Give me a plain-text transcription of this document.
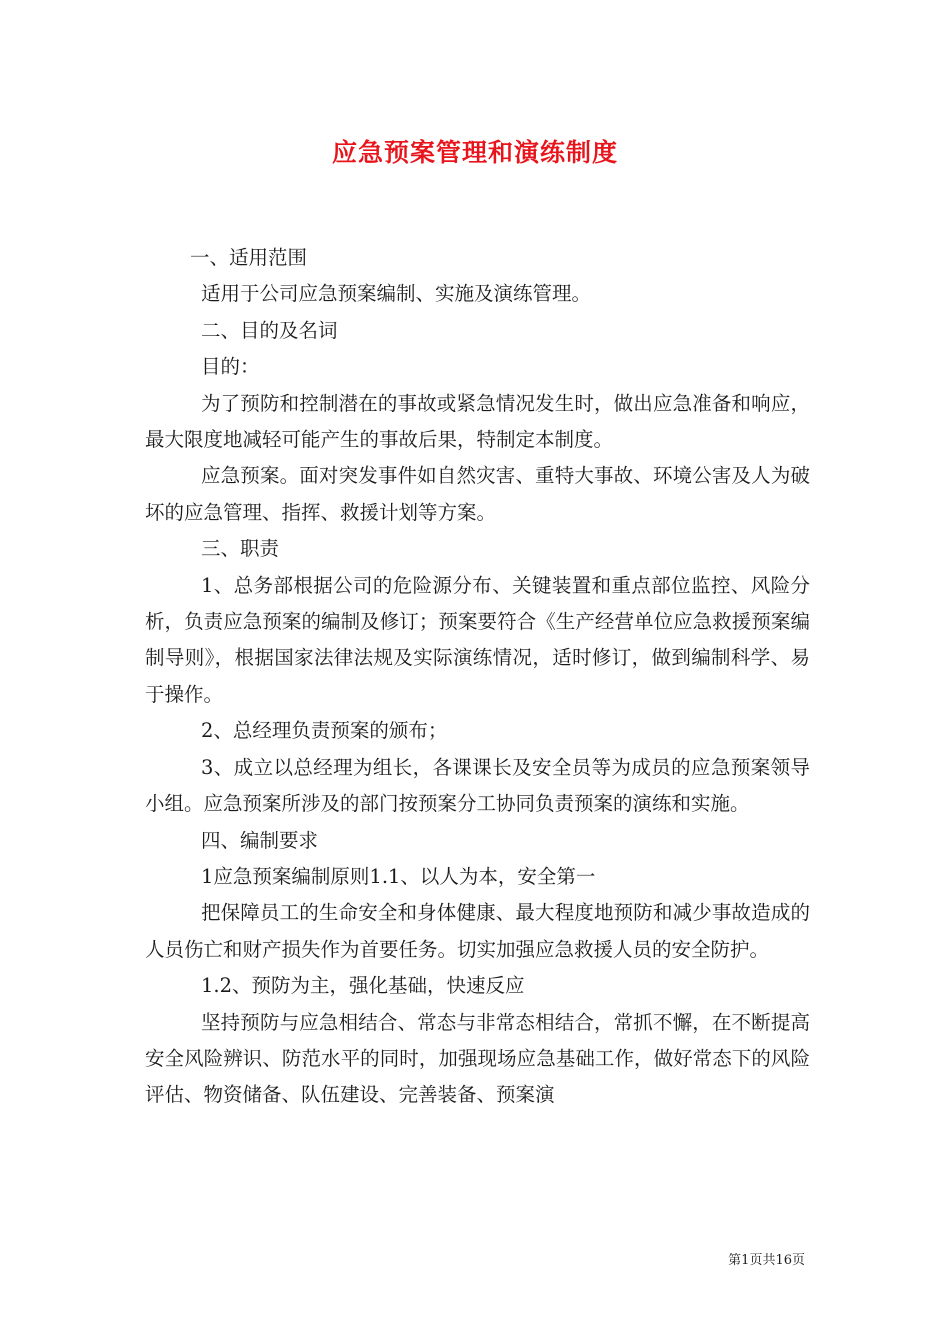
应急预案管理和演练制度

一、适用范围

适用于公司应急预案编制、实施及演练管理。

二、目的及名词

目的：

为了预防和控制潜在的事故或紧急情况发生时，做出应急准备和响应，最大限度地减轻可能产生的事故后果，特制定本制度。

应急预案。面对突发事件如自然灾害、重特大事故、环境公害及人为破坏的应急管理、指挥、救援计划等方案。

三、职责

1、总务部根据公司的危险源分布、关键装置和重点部位监控、风险分析，负责应急预案的编制及修订；预案要符合《生产经营单位应急救援预案编制导则》，根据国家法律法规及实际演练情况，适时修订，做到编制科学、易于操作。

2、总经理负责预案的颁布；

3、成立以总经理为组长，各课课长及安全员等为成员的应急预案领导小组。应急预案所涉及的部门按预案分工协同负责预案的演练和实施。

四、编制要求

1应急预案编制原则1.1、以人为本，安全第一

把保障员工的生命安全和身体健康、最大程度地预防和减少事故造成的人员伤亡和财产损失作为首要任务。切实加强应急救援人员的安全防护。

1.2、预防为主，强化基础，快速反应

坚持预防与应急相结合、常态与非常态相结合，常抓不懈，在不断提高安全风险辨识、防范水平的同时，加强现场应急基础工作，做好常态下的风险评估、物资储备、队伍建设、完善装备、预案演

第1页共16页
